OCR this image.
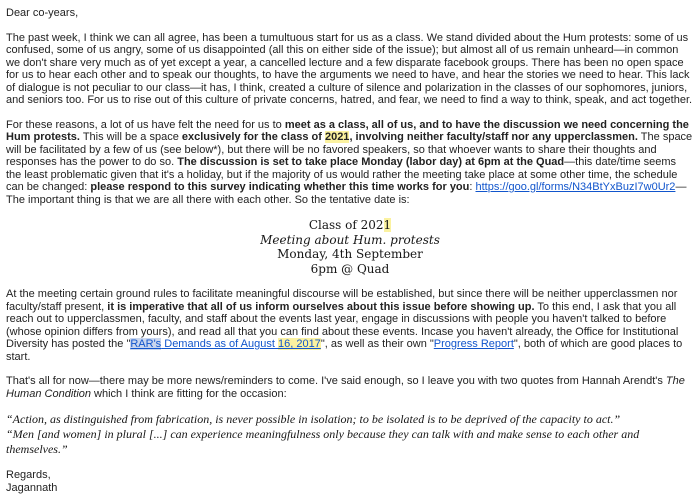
Dear co-years,

The past week, I think we can all agree, has been a tumultuous start for us as a class. We stand divided about the Hum protests: some of us confused, some of us angry, some of us disappointed (all this on either side of the issue); but almost all of us remain unheard—in common we don't share very much as of yet except a year, a cancelled lecture and a few disparate facebook groups. There has been no open space for us to hear each other and to speak our thoughts, to have the arguments we need to have, and hear the stories we need to hear. This lack of dialogue is not peculiar to our class—it has, I think, created a culture of silence and polarization in the classes of our sophomores, juniors, and seniors too. For us to rise out of this culture of private concerns, hatred, and fear, we need to find a way to think, speak, and act together.

For these reasons, a lot of us have felt the need for us to meet as a class, all of us, and to have the discussion we need concerning the Hum protests. This will be a space exclusively for the class of 2021, involving neither faculty/staff nor any upperclassmen. The space will be facilitated by a few of us (see below*), but there will be no favored speakers, so that whoever wants to share their thoughts and responses has the power to do so. The discussion is set to take place Monday (labor day) at 6pm at the Quad—this date/time seems the least problematic given that it's a holiday, but if the majority of us would rather the meeting take place at some other time, the schedule can be changed: please respond to this survey indicating whether this time works for you: https://goo.gl/forms/N34BtYxBuzI7w0Ur2—The important thing is that we are all there with each other. So the tentative date is:

Class of 2021
Meeting about Hum. protests
Monday, 4th September
6pm @ Quad

At the meeting certain ground rules to facilitate meaningful discourse will be established, but since there will be neither upperclassmen nor faculty/staff present, it is imperative that all of us inform ourselves about this issue before showing up. To this end, I ask that you all reach out to upperclassmen, faculty, and staff about the events last year, engage in discussions with people you haven't talked to before (whose opinion differs from yours), and read all that you can find about these events. Incase you haven't already, the Office for Institutional Diversity has posted the "RAR's Demands as of August 16, 2017", as well as their own "Progress Report", both of which are good places to start.

That's all for now—there may be more news/reminders to come. I've said enough, so I leave you with two quotes from Hannah Arendt's The Human Condition which I think are fitting for the occasion:

“Action, as distinguished from fabrication, is never possible in isolation; to be isolated is to be deprived of the capacity to act.”
“Men [and women] in plural [...] can experience meaningfulness only because they can talk with and make sense to each other and themselves.”

Regards,
Jagannath
